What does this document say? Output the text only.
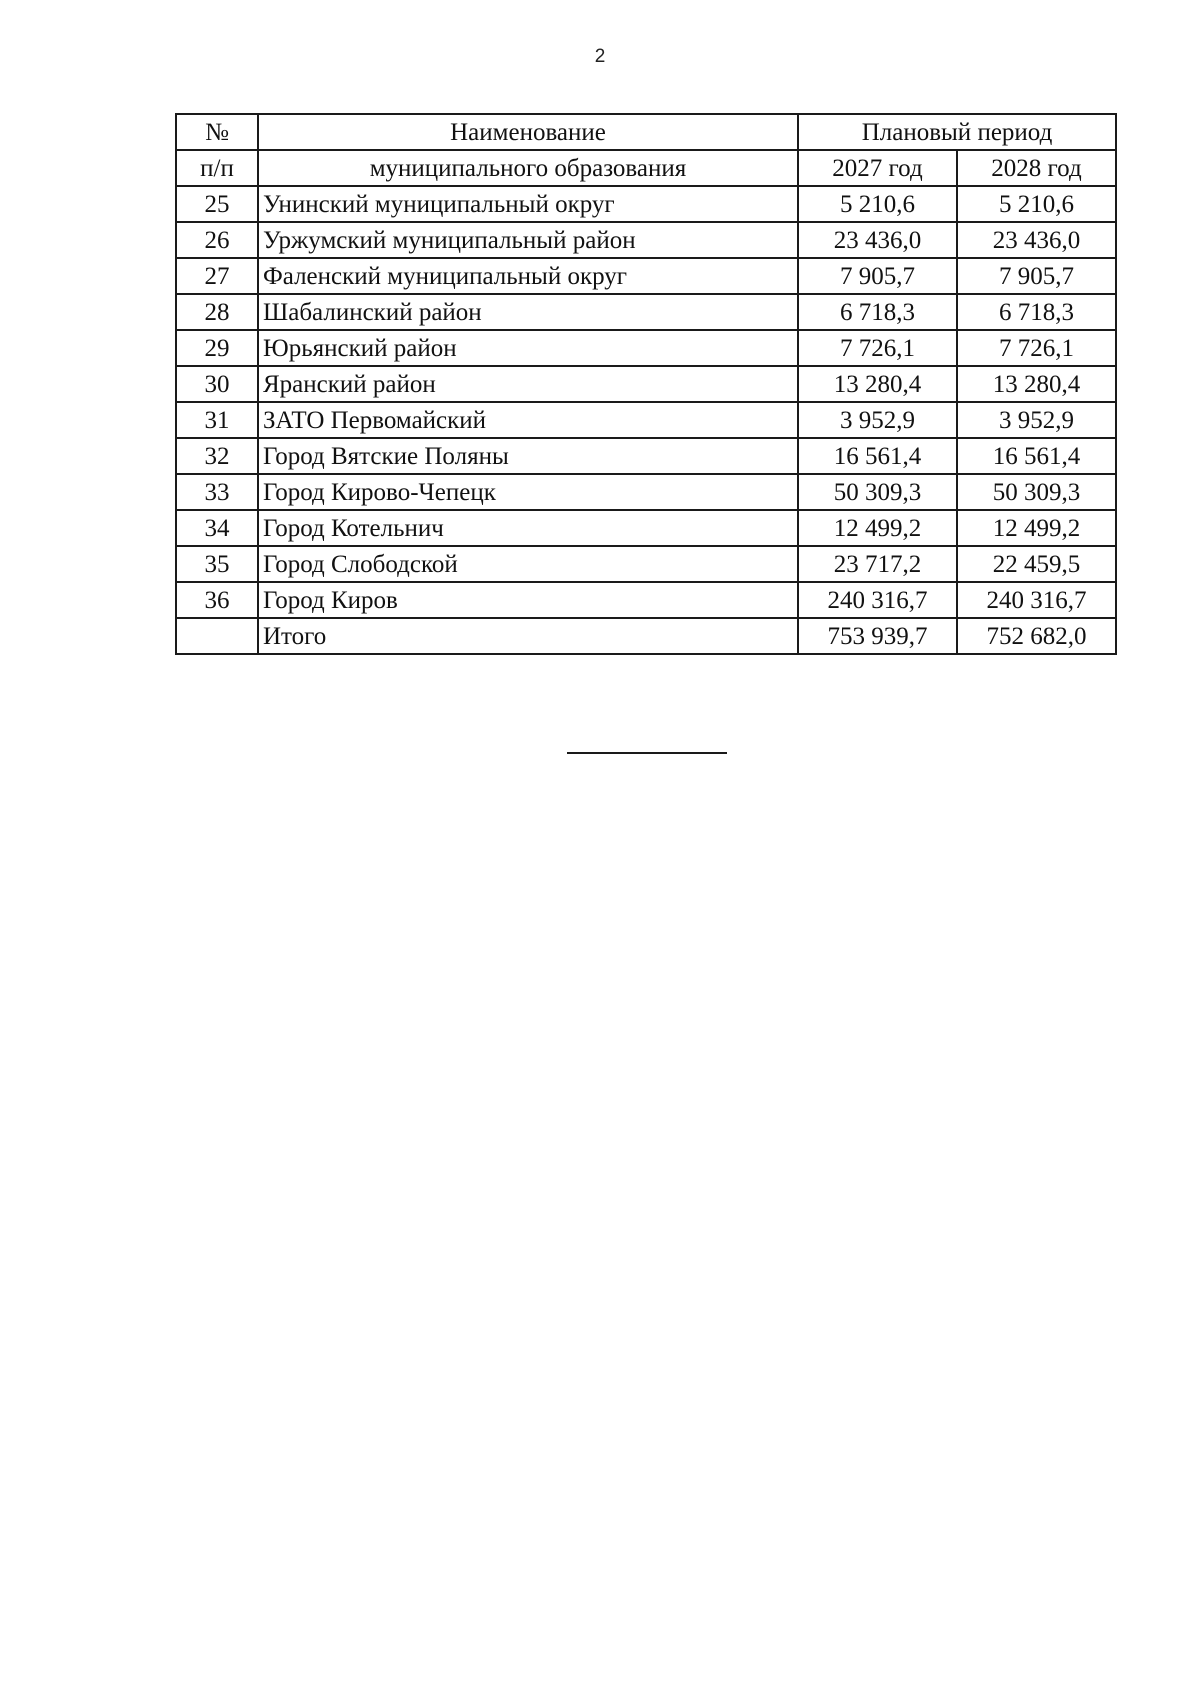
2
№	Наименование	Плановый период	
п/п	муниципального образования	2027 год	2028 год
25	Унинский муниципальный округ	5 210,6	5 210,6
26	Уржумский муниципальный район	23 436,0	23 436,0
27	Фаленский муниципальный округ	7 905,7	7 905,7
28	Шабалинский район	6 718,3	6 718,3
29	Юрьянский район	7 726,1	7 726,1
30	Яранский район	13 280,4	13 280,4
31	ЗАТО Первомайский	3 952,9	3 952,9
32	Город Вятские Поляны	16 561,4	16 561,4
33	Город Кирово-Чепецк	50 309,3	50 309,3
34	Город Котельнич	12 499,2	12 499,2
35	Город Слободской	23 717,2	22 459,5
36	Город Киров	240 316,7	240 316,7
	Итого	753 939,7	752 682,0
